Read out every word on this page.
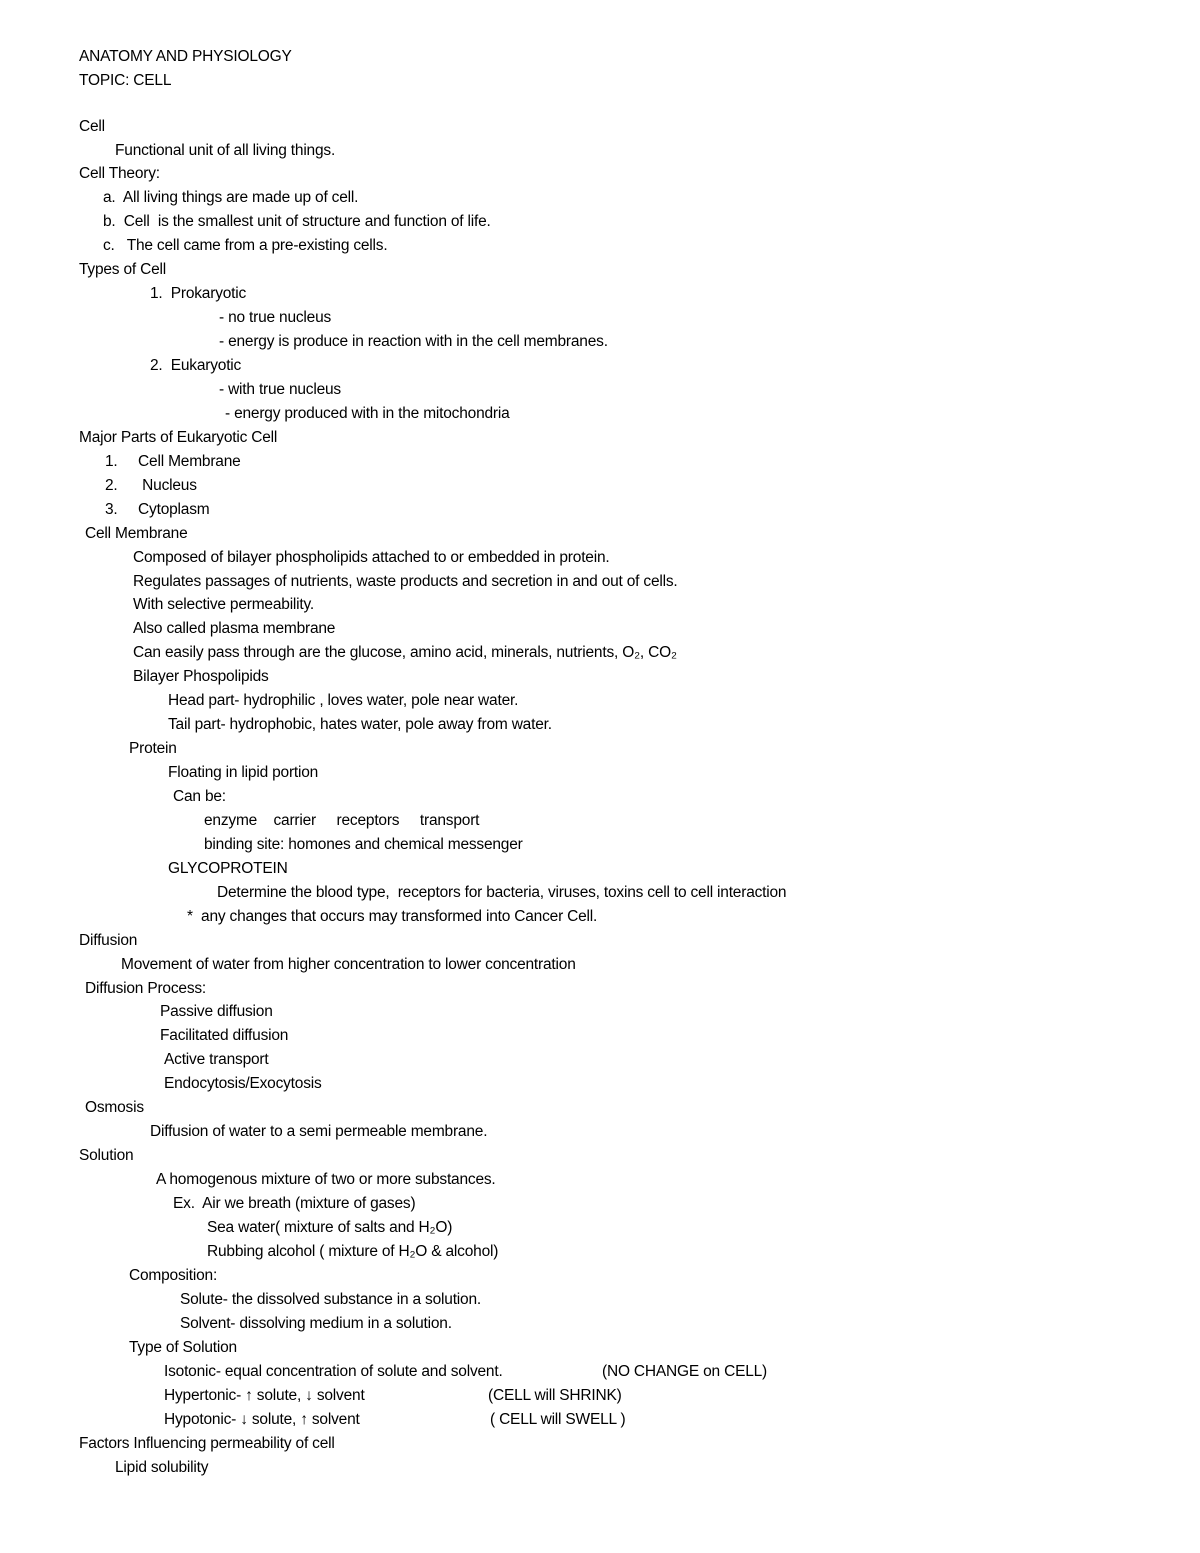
ANATOMY AND PHYSIOLOGY
TOPIC: CELL
Cell
Functional unit of all living things.
Cell Theory:
a.  All living things are made up of cell.
b.  Cell  is the smallest unit of structure and function of life.
c.   The cell came from a pre-existing cells.
Types of Cell
1.  Prokaryotic
- no true nucleus
- energy is produce in reaction with in the cell membranes.
2.  Eukaryotic
- with true nucleus
- energy produced with in the mitochondria
Major Parts of Eukaryotic Cell
1.     Cell Membrane
2.      Nucleus
3.     Cytoplasm
Cell Membrane
Composed of bilayer phospholipids attached to or embedded in protein.
Regulates passages of nutrients, waste products and secretion in and out of cells.
With selective permeability.
Also called plasma membrane
Can easily pass through are the glucose, amino acid, minerals, nutrients, O₂, CO₂
Bilayer Phospolipids
Head part- hydrophilic , loves water, pole near water.
Tail part- hydrophobic, hates water, pole away from water.
Protein
Floating in lipid portion
Can be:
enzyme    carrier     receptors     transport
binding site: homones and chemical messenger
GLYCOPROTEIN
Determine the blood type,  receptors for bacteria, viruses, toxins cell to cell interaction
*  any changes that occurs may transformed into Cancer Cell.
Diffusion
Movement of water from higher concentration to lower concentration
Diffusion Process:
Passive diffusion
Facilitated diffusion
Active transport
Endocytosis/Exocytosis
Osmosis
Diffusion of water to a semi permeable membrane.
Solution
A homogenous mixture of two or more substances.
Ex.  Air we breath (mixture of gases)
Sea water( mixture of salts and H₂O)
Rubbing alcohol ( mixture of H₂O & alcohol)
Composition:
Solute- the dissolved substance in a solution.
Solvent- dissolving medium in a solution.
Type of Solution
Isotonic- equal concentration of solute and solvent.	(NO CHANGE on CELL)
Hypertonic- ↑ solute, ↓ solvent	(CELL will SHRINK)
Hypotonic- ↓ solute, ↑ solvent	( CELL will SWELL )
Factors Influencing permeability of cell
Lipid solubility
